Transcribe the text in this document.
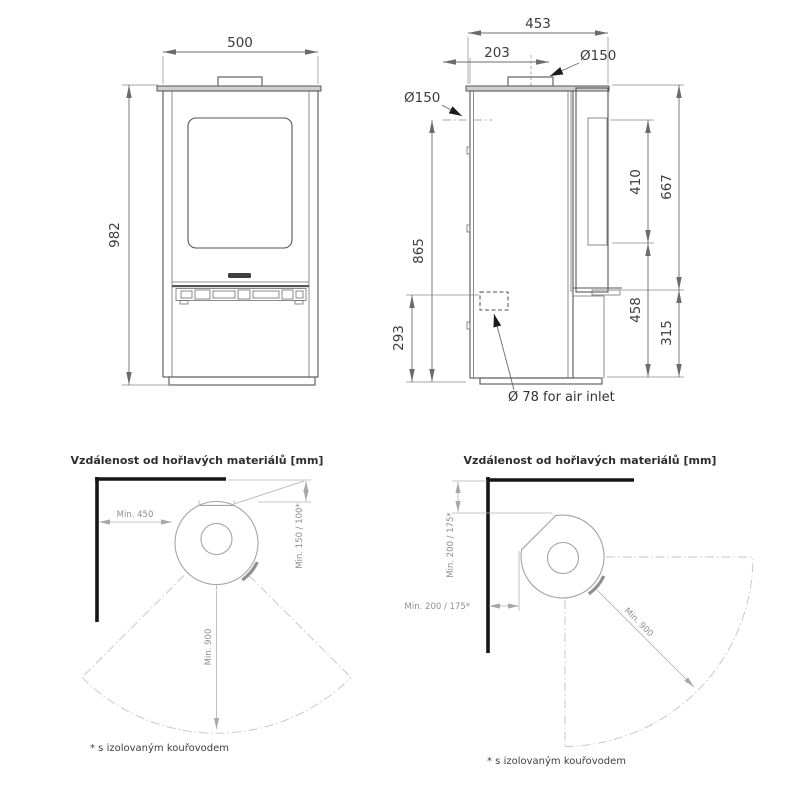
500
982
453
203	Ø150
Ø150
865
293
Ø 78 for air inlet
410
458
667
315
Vzdálenost od hořlavých materiálů [mm]
Min. 450	Min. 150 / 100*
Min. 900
* s izolovaným kouřovodem
Vzdálenost od hořlavých materiálů [mm]
Min. 200 / 175*
Min. 200 / 175*	Min. 900
* s izolovaným kouřovodem
